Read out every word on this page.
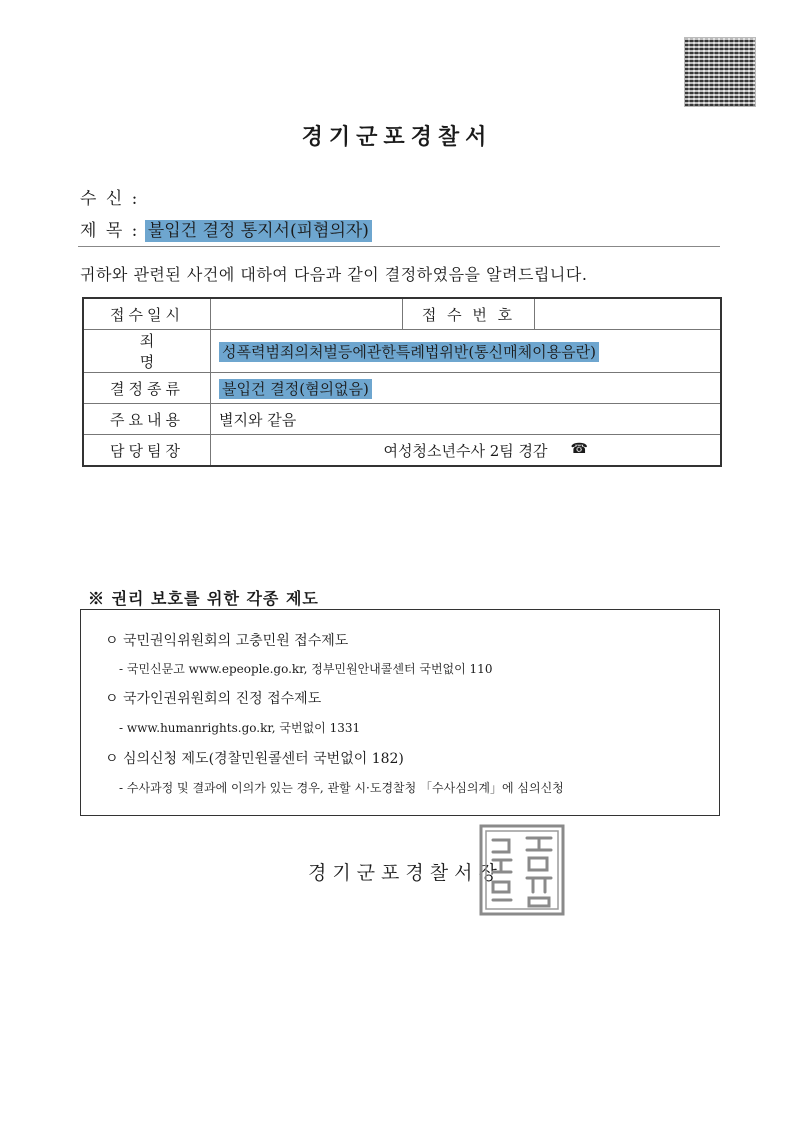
경기군포경찰서
수 신 :
제 목 : 불입건 결정 통지서(피혐의자)
귀하와 관련된 사건에 대하여 다음과 같이 결정하였음을 알려드립니다.
접수일시		접 수 번 호	
죄 명	성폭력범죄의처벌등에관한특례법위반(통신매체이용음란)		
결정종류	불입건 결정(혐의없음)		
주요내용	별지와 같음		
담당팀장	여성청소년수사 2팀 경감 ☎		
※ 권리 보호를 위한 각종 제도
ㅇ 국민권익위원회의 고충민원 접수제도
- 국민신문고 www.epeople.go.kr, 정부민원안내콜센터 국번없이 110
ㅇ 국가인권위원회의 진정 접수제도
- www.humanrights.go.kr, 국번없이 1331
ㅇ 심의신청 제도(경찰민원콜센터 국번없이 182)
- 수사과정 및 결과에 이의가 있는 경우, 관할 시·도경찰청 「수사심의계」에 심의신청
경기군포경찰서장
